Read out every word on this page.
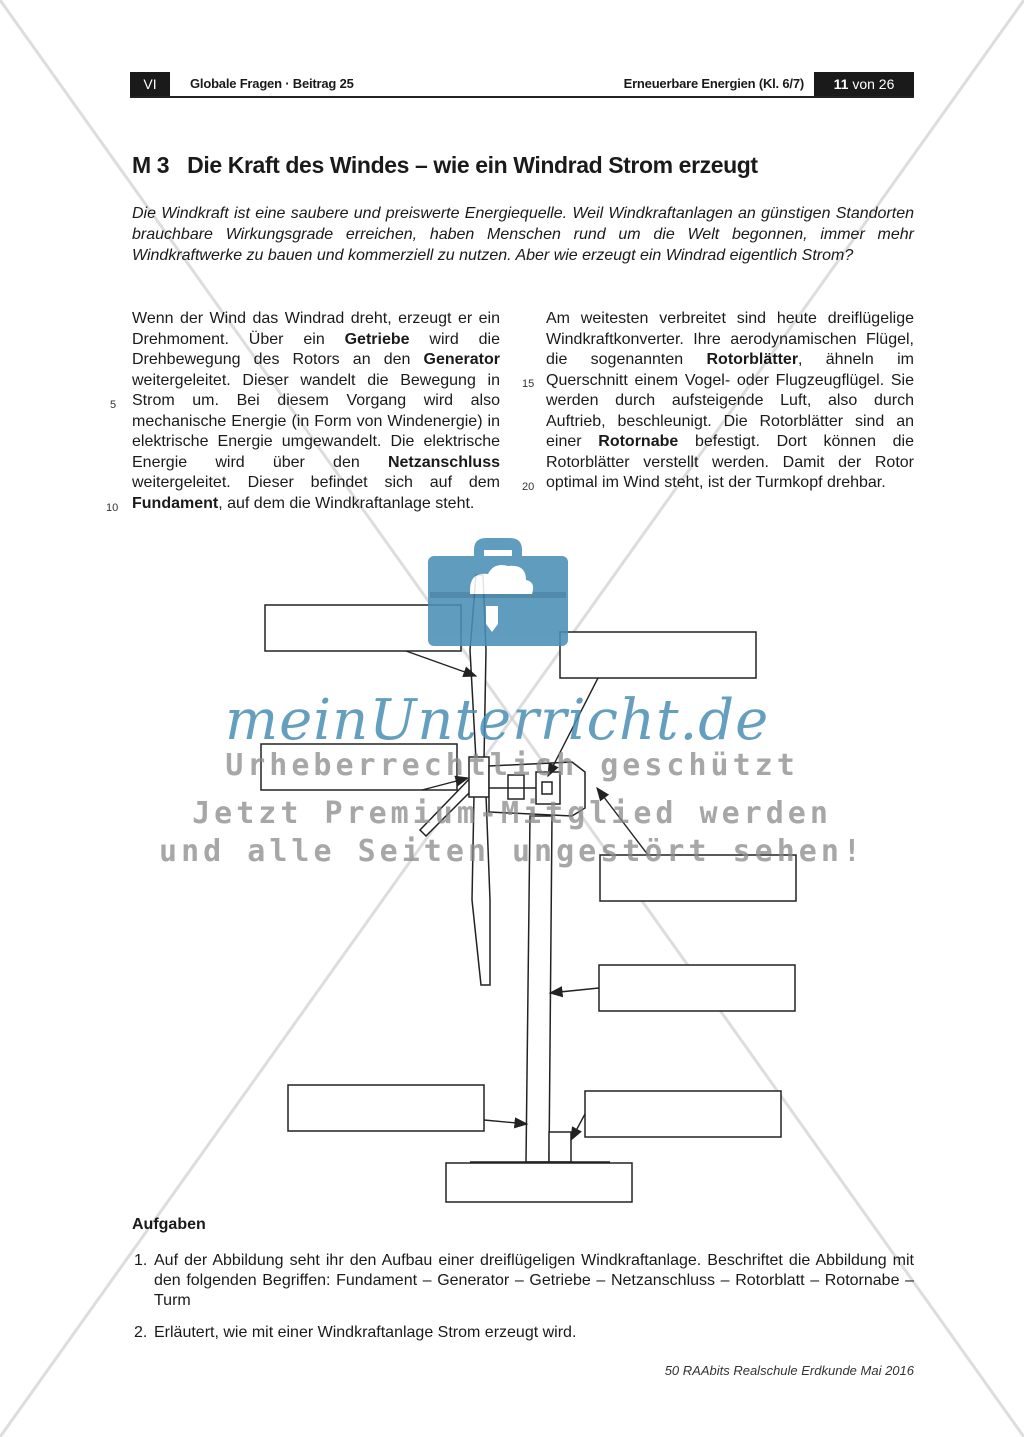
VI	Globale Fragen · Beitrag 25	Erneuerbare Energien (Kl. 6/7)	11 von 26
M 3 Die Kraft des Windes – wie ein Windrad Strom erzeugt
Die Windkraft ist eine saubere und preiswerte Energiequelle. Weil Windkraftanlagen an günstigen Standorten brauchbare Wirkungsgrade erreichen, haben Menschen rund um die Welt begonnen, immer mehr Windkraftwerke zu bauen und kommerziell zu nutzen. Aber wie erzeugt ein Windrad eigentlich Strom?
Wenn der Wind das Windrad dreht, erzeugt er ein Drehmoment. Über ein Getriebe wird die Drehbewegung des Rotors an den Generator weitergeleitet. Dieser wandelt die Bewegung in Strom um. Bei diesem Vorgang wird also mechanische Energie (in Form von Windenergie) in elektrische Energie umgewandelt. Die elektrische Energie wird über den Netzanschluss weitergeleitet. Dieser befindet sich auf dem Fundament, auf dem die Windkraftanlage steht.
Am weitesten verbreitet sind heute dreiflügelige Windkraftkonverter. Ihre aerodynamischen Flügel, die sogenannten Rotorblätter, ähneln im Querschnitt einem Vogel- oder Flugzeugflügel. Sie werden durch aufsteigende Luft, also durch Auftrieb, beschleunigt. Die Rotorblätter sind an einer Rotornabe befestigt. Dort können die Rotorblätter verstellt werden. Damit der Rotor optimal im Wind steht, ist der Turmkopf drehbar.
5
10
15
20
meinUnterricht.de
Urheberrechtlich geschützt
Jetzt Premium-Mitglied werden
und alle Seiten ungestört sehen!
Aufgaben
1. Auf der Abbildung seht ihr den Aufbau einer dreiflügeligen Windkraftanlage. Beschriftet die Abbildung mit den folgenden Begriffen: Fundament – Generator – Getriebe – Netzanschluss – Rotorblatt – Rotornabe – Turm
2. Erläutert, wie mit einer Windkraftanlage Strom erzeugt wird.
50 RAAbits Realschule Erdkunde Mai 2016
